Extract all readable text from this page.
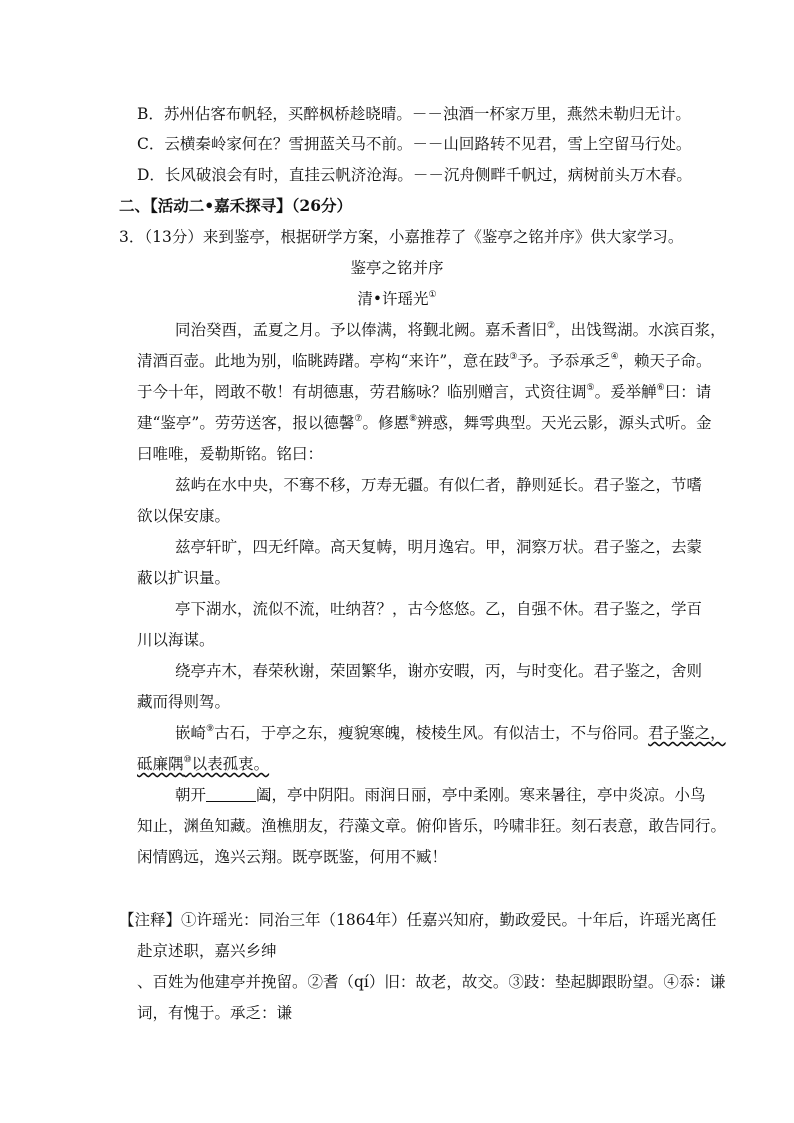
B．苏州佔客布帆轻，买醉枫桥趁晓晴。－－浊酒一杯家万里，燕然未勒归无计。
C．云横秦岭家何在？雪拥蓝关马不前。－－山回路转不见君，雪上空留马行处。
D．长风破浪会有时，直挂云帆济沧海。－－沉舟侧畔千帆过，病树前头万木春。
二、【活动二•嘉禾探寻】（26分）
3．（13分）来到鉴亭，根据研学方案，小嘉推荐了《鉴亭之铭并序》供大家学习。
鉴亭之铭并序
清•许瑶光①
同治癸酉，孟夏之月。予以俸满，将觐北阙。嘉禾耆旧②，出饯鸳湖。水滨百浆，
清酒百壶。此地为别，临眺踌躇。亭构“来许”，意在跂③予。予忝承乏④，赖天子命。
于今十年，罔敢不敬！有胡德惠，劳君觞咏？临别赠言，式资往调⑤。爰举觯⑥曰：请
建“鉴亭”。劳劳送客，报以德馨⑦。修慝⑧辨惑，舞雩典型。天光云影，源头式听。金
曰唯唯，爰勒斯铭。铭曰：
兹屿在水中央，不骞不移，万寿无疆。有似仁者，静则延长。君子鉴之，节嗜
欲以保安康。
兹亭轩旷，四无纤障。高天复帱，明月逸宕。甲，洞察万状。君子鉴之，去蒙
蔽以扩识量。
亭下湖水，流似不流，吐纳苕？，古今悠悠。乙，自强不休。君子鉴之，学百
川以海谋。
绕亭卉木，春荣秋谢，荣固繁华，谢亦安暇，丙，与时变化。君子鉴之，舍则
藏而得则驾。
嵌崎⑨古石，于亭之东，瘦貌寒魄，棱棱生风。有似洁士，不与俗同。君子鉴之，
砥廉隅⑩以表孤衷。
朝开	阖，亭中阴阳。雨润日丽，亭中柔刚。寒来暑往，亭中炎凉。小鸟
知止，渊鱼知藏。渔樵朋友，荇藻文章。俯仰皆乐，吟啸非狂。刻石表意，敢告同行。
闲情鸥远，逸兴云翔。既亭既鉴，何用不臧！
【注释】①许瑶光：同治三年（1864年）任嘉兴知府，勤政爱民。十年后，许瑶光离任
赴京述职，嘉兴乡绅
、百姓为他建亭并挽留。②耆（qí）旧：故老，故交。③跂：垫起脚跟盼望。④忝：谦
词，有愧于。承乏：谦
